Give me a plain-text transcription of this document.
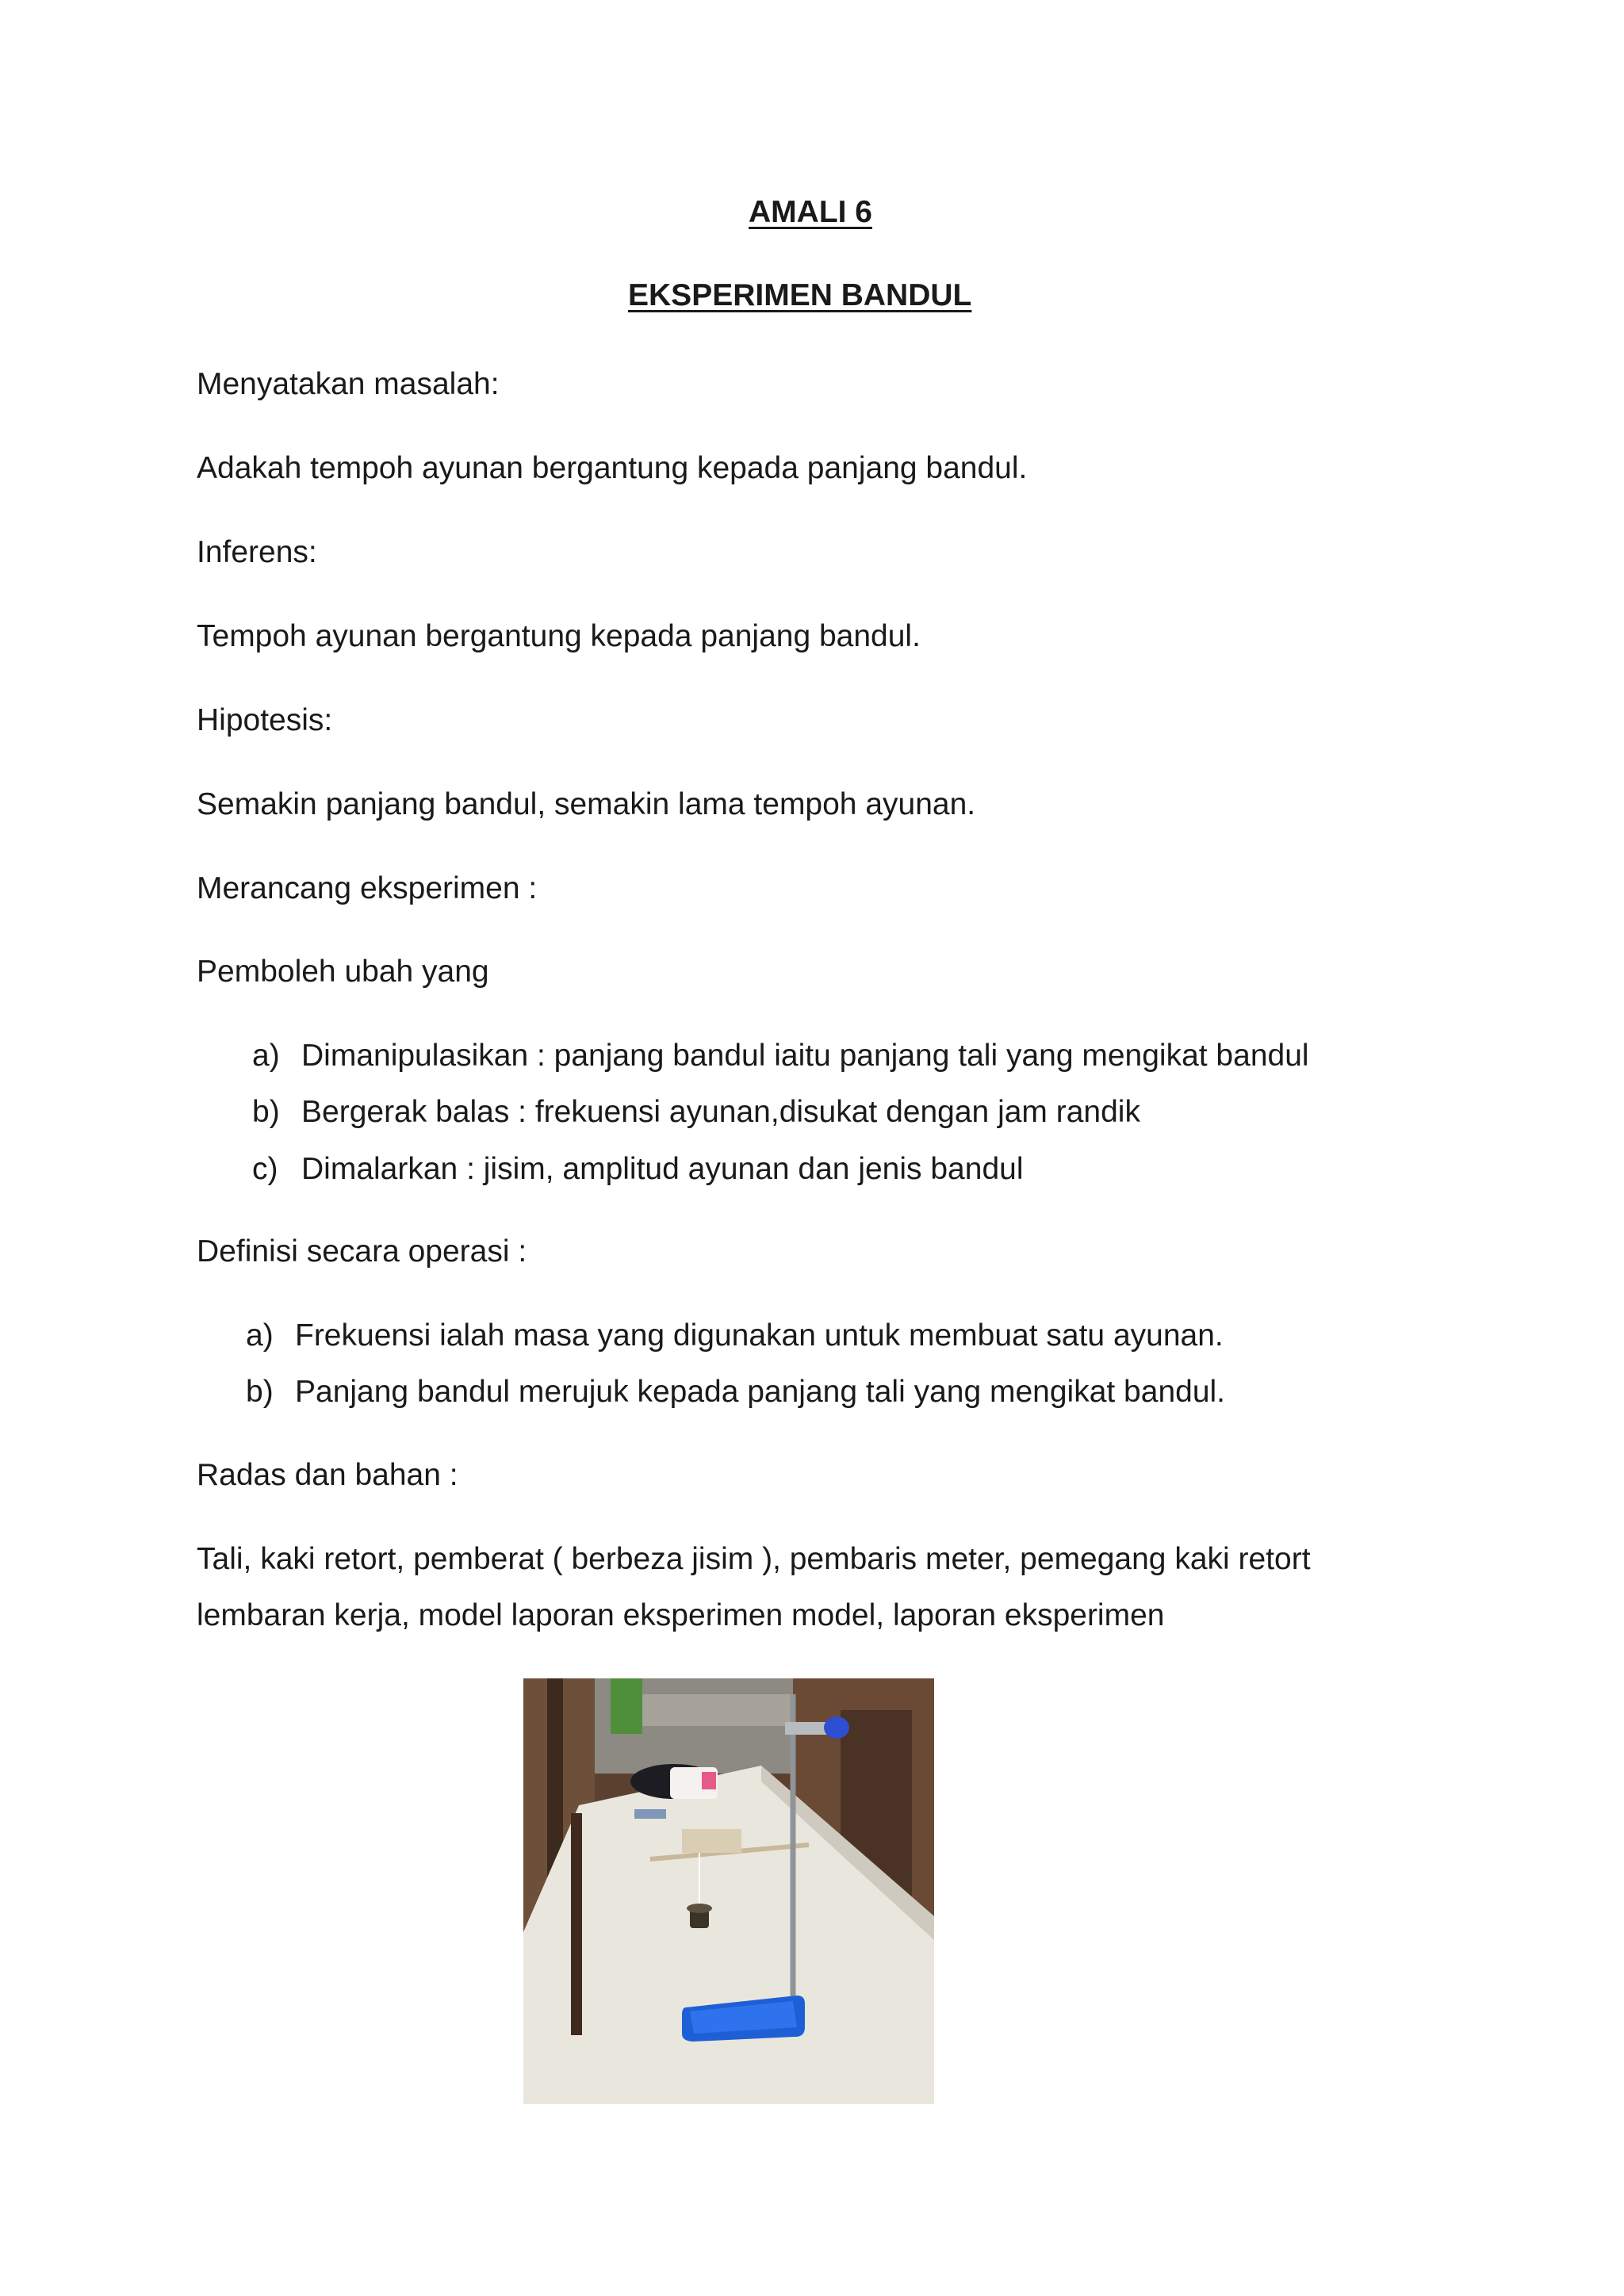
AMALI 6
EKSPERIMEN BANDUL
Menyatakan masalah:
Adakah tempoh ayunan bergantung kepada panjang bandul.
Inferens:
Tempoh ayunan bergantung kepada panjang bandul.
Hipotesis:
Semakin panjang bandul, semakin lama tempoh ayunan.
Merancang eksperimen :
Pemboleh ubah yang
a) Dimanipulasikan : panjang bandul iaitu panjang tali yang mengikat bandul
b) Bergerak balas : frekuensi ayunan,disukat dengan jam randik
c) Dimalarkan : jisim, amplitud ayunan dan jenis bandul
Definisi secara operasi :
a) Frekuensi ialah masa yang digunakan untuk membuat satu ayunan.
b) Panjang bandul merujuk kepada panjang tali yang mengikat bandul.
Radas dan bahan :
Tali, kaki retort, pemberat ( berbeza jisim ), pembaris meter, pemegang kaki retort
lembaran kerja, model laporan eksperimen model, laporan eksperimen
